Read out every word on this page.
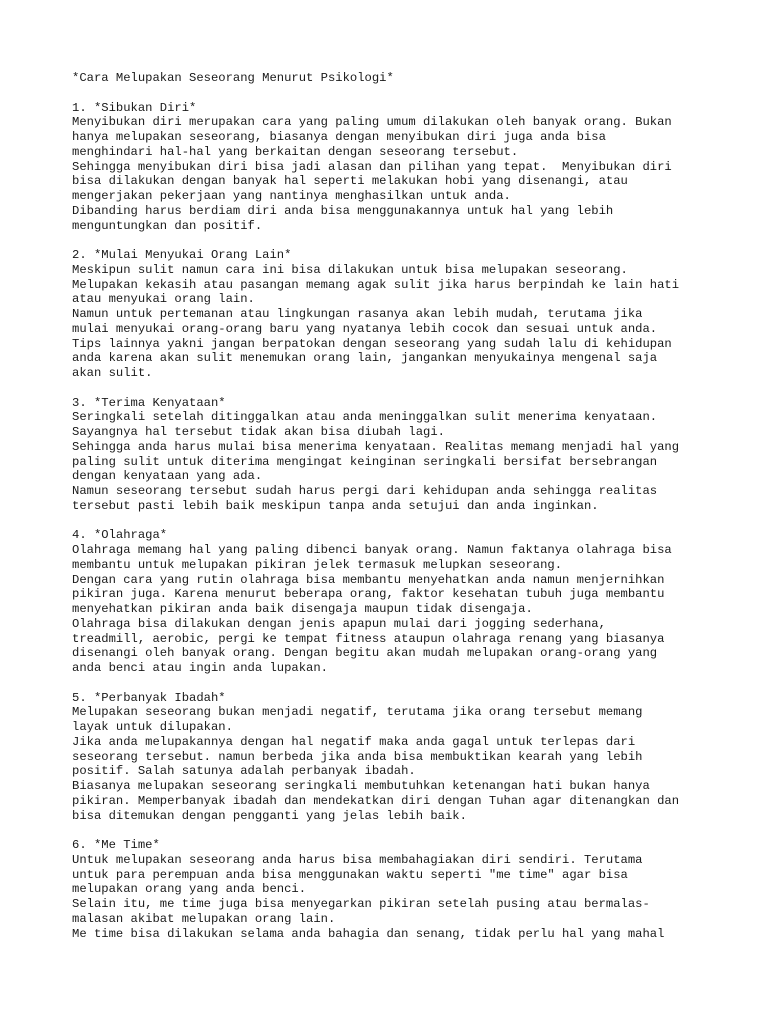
*Cara Melupakan Seseorang Menurut Psikologi*
1. *Sibukan Diri*

Menyibukan diri merupakan cara yang paling umum dilakukan oleh banyak orang. Bukan
hanya melupakan seseorang, biasanya dengan menyibukan diri juga anda bisa
menghindari hal-hal yang berkaitan dengan seseorang tersebut.
Sehingga menyibukan diri bisa jadi alasan dan pilihan yang tepat.  Menyibukan diri
bisa dilakukan dengan banyak hal seperti melakukan hobi yang disenangi, atau
mengerjakan pekerjaan yang nantinya menghasilkan untuk anda.
Dibanding harus berdiam diri anda bisa menggunakannya untuk hal yang lebih
menguntungkan dan positif.

2. *Mulai Menyukai Orang Lain*

Meskipun sulit namun cara ini bisa dilakukan untuk bisa melupakan seseorang.
Melupakan kekasih atau pasangan memang agak sulit jika harus berpindah ke lain hati
atau menyukai orang lain.
Namun untuk pertemanan atau lingkungan rasanya akan lebih mudah, terutama jika
mulai menyukai orang-orang baru yang nyatanya lebih cocok dan sesuai untuk anda.
Tips lainnya yakni jangan berpatokan dengan seseorang yang sudah lalu di kehidupan
anda karena akan sulit menemukan orang lain, jangankan menyukainya mengenal saja
akan sulit.

3. *Terima Kenyataan*

Seringkali setelah ditinggalkan atau anda meninggalkan sulit menerima kenyataan.
Sayangnya hal tersebut tidak akan bisa diubah lagi.
Sehingga anda harus mulai bisa menerima kenyataan. Realitas memang menjadi hal yang
paling sulit untuk diterima mengingat keinginan seringkali bersifat bersebrangan
dengan kenyataan yang ada.
Namun seseorang tersebut sudah harus pergi dari kehidupan anda sehingga realitas
tersebut pasti lebih baik meskipun tanpa anda setujui dan anda inginkan.

4. *Olahraga*

Olahraga memang hal yang paling dibenci banyak orang. Namun faktanya olahraga bisa
membantu untuk melupakan pikiran jelek termasuk melupkan seseorang.
Dengan cara yang rutin olahraga bisa membantu menyehatkan anda namun menjernihkan
pikiran juga. Karena menurut beberapa orang, faktor kesehatan tubuh juga membantu
menyehatkan pikiran anda baik disengaja maupun tidak disengaja.
Olahraga bisa dilakukan dengan jenis apapun mulai dari jogging sederhana,
treadmill, aerobic, pergi ke tempat fitness ataupun olahraga renang yang biasanya
disenangi oleh banyak orang. Dengan begitu akan mudah melupakan orang-orang yang
anda benci atau ingin anda lupakan.

5. *Perbanyak Ibadah*

Melupakan seseorang bukan menjadi negatif, terutama jika orang tersebut memang
layak untuk dilupakan.
Jika anda melupakannya dengan hal negatif maka anda gagal untuk terlepas dari
seseorang tersebut. namun berbeda jika anda bisa membuktikan kearah yang lebih
positif. Salah satunya adalah perbanyak ibadah.
Biasanya melupakan seseorang seringkali membutuhkan ketenangan hati bukan hanya
pikiran. Memperbanyak ibadah dan mendekatkan diri dengan Tuhan agar ditenangkan dan
bisa ditemukan dengan pengganti yang jelas lebih baik.

6. *Me Time*

Untuk melupakan seseorang anda harus bisa membahagiakan diri sendiri. Terutama
untuk para perempuan anda bisa menggunakan waktu seperti "me time" agar bisa
melupakan orang yang anda benci.
Selain itu, me time juga bisa menyegarkan pikiran setelah pusing atau bermalas-
malasan akibat melupakan orang lain.
Me time bisa dilakukan selama anda bahagia dan senang, tidak perlu hal yang mahal
